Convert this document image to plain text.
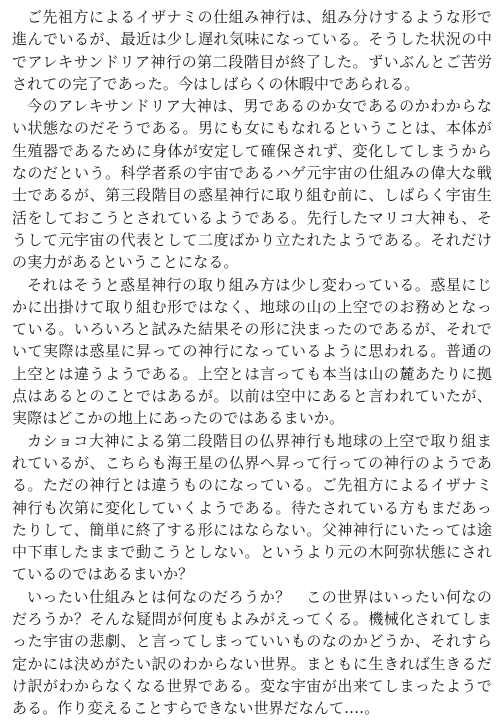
ご先祖方によるイザナミの仕組み神行は、組み分けするような形で進んでいるが、最近は少し遅れ気味になっている。そうした状況の中でアレキサンドリア神行の第二段階目が終了した。ずいぶんとご苦労されての完了であった。今はしばらくの休暇中であられる。

今のアレキサンドリア大神は、男であるのか女であるのかわからない状態なのだそうである。男にも女にもなれるということは、本体が生殖器であるために身体が安定して確保されず、変化してしまうからなのだという。科学者系の宇宙であるハゲ元宇宙の仕組みの偉大な戦士であるが、第三段階目の惑星神行に取り組む前に、しばらく宇宙生活をしておこうとされているようである。先行したマリコ大神も、そうして元宇宙の代表として二度ばかり立たれたようである。それだけの実力があるということになる。

それはそうと惑星神行の取り組み方は少し変わっている。惑星にじかに出掛けて取り組む形ではなく、地球の山の上空でのお務めとなっている。いろいろと試みた結果その形に決まったのであるが、それでいて実際は惑星に昇っての神行になっているように思われる。普通の上空とは違うようである。上空とは言っても本当は山の麓あたりに拠点はあるとのことではあるが。以前は空中にあると言われていたが、実際はどこかの地上にあったのではあるまいか。

カショコ大神による第二段階目の仏界神行も地球の上空で取り組まれているが、こちらも海王星の仏界へ昇って行っての神行のようである。ただの神行とは違うものになっている。ご先祖方によるイザナミ神行も次第に変化していくようである。待たされている方もまだあったりして、簡単に終了する形にはならない。父神神行にいたっては途中下車したままで動こうとしない。というより元の木阿弥状態にされているのではあるまいか？

いったい仕組みとは何なのだろうか？　この世界はいったい何なのだろうか？そんな疑問が何度もよみがえってくる。機械化されてしまった宇宙の悲劇、と言ってしまっていいものなのかどうか、それすら定かには決めがたい訳のわからない世界。まともに生きれば生きるだけ訳がわからなくなる世界である。変な宇宙が出来てしまったようである。作り変えることすらできない世界だなんて‥‥。
